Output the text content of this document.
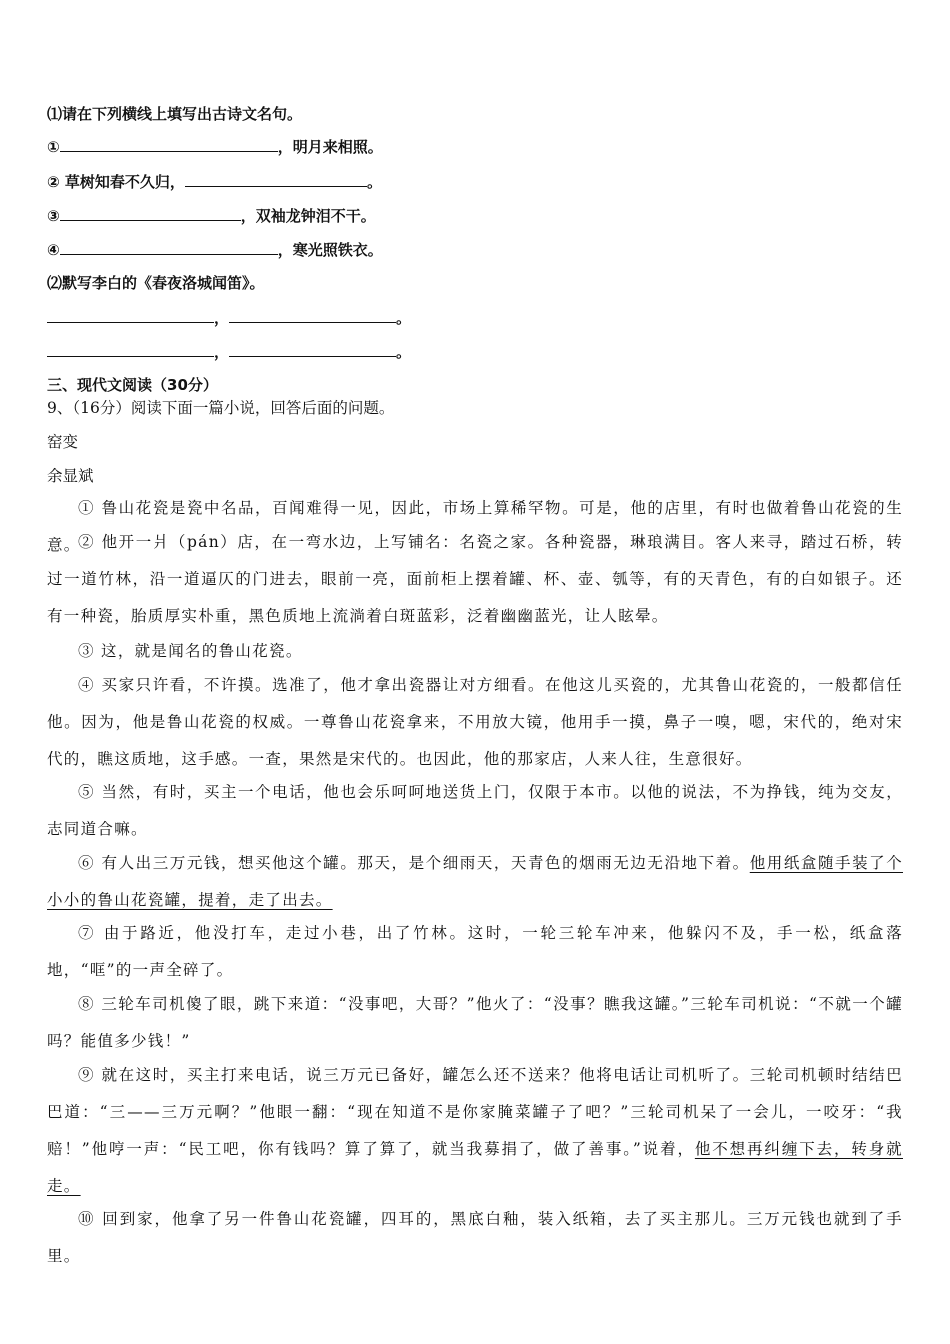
⑴请在下列横线上填写出古诗文名句。
①	，明月来相照。
② 草树知春不久归，	。
③	，双袖龙钟泪不干。
④	，寒光照铁衣。
⑵默写李白的《春夜洛城闻笛》。
，	。
，	。
三、现代文阅读（30分）
9、（16分）阅读下面一篇小说，回答后面的问题。
窑变
余显斌
① 鲁山花瓷是瓷中名品，百闻难得一见，因此，市场上算稀罕物。可是，他的店里，有时也做着鲁山花瓷的生意。
② 他开一爿（pán）店，在一弯水边，上写铺名：名瓷之家。各种瓷器，琳琅满目。客人来寻，踏过石桥，转过一道竹林，沿一道逼仄的门进去，眼前一亮，面前柜上摆着罐、杯、壶、瓠等，有的天青色，有的白如银子。还有一种瓷，胎质厚实朴重，黑色质地上流淌着白斑蓝彩，泛着幽幽蓝光，让人眩晕。
③ 这，就是闻名的鲁山花瓷。
④ 买家只许看，不许摸。选准了，他才拿出瓷器让对方细看。在他这儿买瓷的，尤其鲁山花瓷的，一般都信任他。因为，他是鲁山花瓷的权威。一尊鲁山花瓷拿来，不用放大镜，他用手一摸，鼻子一嗅，嗯，宋代的，绝对宋代的，瞧这质地，这手感。一查，果然是宋代的。也因此，他的那家店，人来人往，生意很好。
⑤ 当然，有时，买主一个电话，他也会乐呵呵地送货上门，仅限于本市。以他的说法，不为挣钱，纯为交友，志同道合嘛。
⑥ 有人出三万元钱，想买他这个罐。那天，是个细雨天，天青色的烟雨无边无沿地下着。他用纸盒随手装了个小小的鲁山花瓷罐，提着，走了出去。
⑦ 由于路近，他没打车，走过小巷，出了竹林。这时，一轮三轮车冲来，他躲闪不及，手一松，纸盒落地，“哐”的一声全碎了。
⑧ 三轮车司机傻了眼，跳下来道：“没事吧，大哥？”他火了：“没事？瞧我这罐。”三轮车司机说：“不就一个罐吗？能值多少钱！”
⑨ 就在这时，买主打来电话，说三万元已备好，罐怎么还不送来？他将电话让司机听了。三轮司机顿时结结巴巴道：“三——三万元啊？”他眼一翻：“现在知道不是你家腌菜罐子了吧？”三轮司机呆了一会儿，一咬牙：“我赔！”他哼一声：“民工吧，你有钱吗？算了算了，就当我募捐了，做了善事。”说着，他不想再纠缠下去，转身就走。
⑩ 回到家，他拿了另一件鲁山花瓷罐，四耳的，黑底白釉，装入纸箱，去了买主那儿。三万元钱也就到了手里。
